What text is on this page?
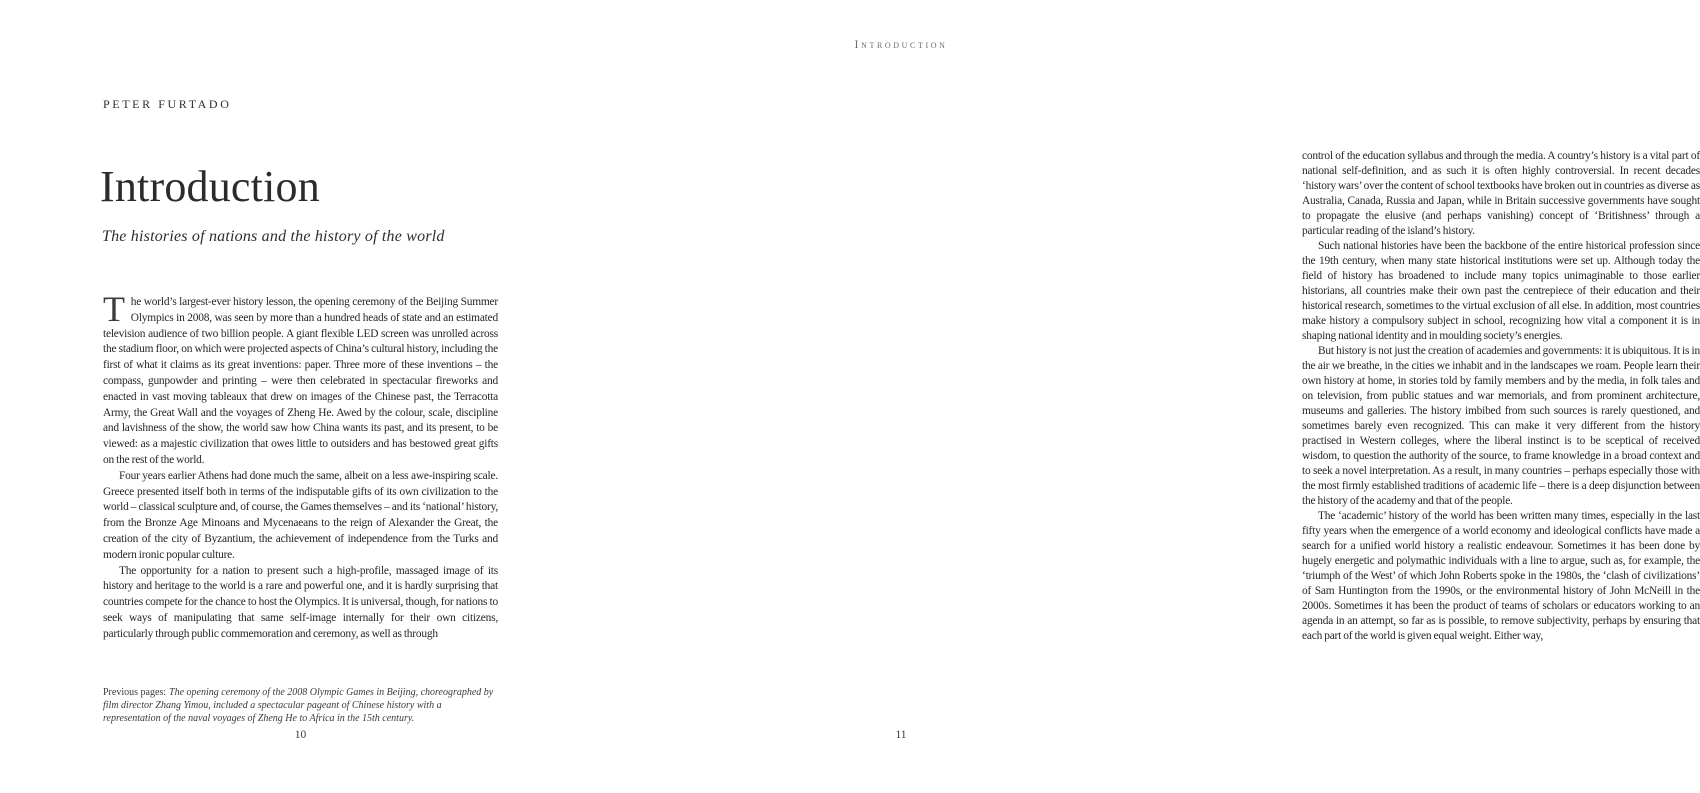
PETER FURTADO
Introduction
The histories of nations and the history of the world

The world’s largest-ever history lesson, the opening ceremony of the Beijing Summer Olympics in 2008, was seen by more than a hundred heads of state and an estimated television audience of two billion people. A giant flexible LED screen was unrolled across the stadium floor, on which were projected aspects of China’s cultural history, including the first of what it claims as its great inventions: paper. Three more of these inventions – the compass, gunpowder and printing – were then celebrated in spectacular fireworks and enacted in vast moving tableaux that drew on images of the Chinese past, the Terracotta Army, the Great Wall and the voyages of Zheng He. Awed by the colour, scale, discipline and lavishness of the show, the world saw how China wants its past, and its present, to be viewed: as a majestic civilization that owes little to outsiders and has bestowed great gifts on the rest of the world.

Four years earlier Athens had done much the same, albeit on a less awe-inspiring scale. Greece presented itself both in terms of the indisputable gifts of its own civilization to the world – classical sculpture and, of course, the Games themselves – and its ‘national’ history, from the Bronze Age Minoans and Mycenaeans to the reign of Alexander the Great, the creation of the city of Byzantium, the achievement of independence from the Turks and modern ironic popular culture.

The opportunity for a nation to present such a high-profile, massaged image of its history and heritage to the world is a rare and powerful one, and it is hardly surprising that countries compete for the chance to host the Olympics. It is universal, though, for nations to seek ways of manipulating that same self-image internally for their own citizens, particularly through public commemoration and ceremony, as well as through

Previous pages: The opening ceremony of the 2008 Olympic Games in Beijing, choreographed by film director Zhang Yimou, included a spectacular pageant of Chinese history with a representation of the naval voyages of Zheng He to Africa in the 15th century.

10
Introduction

control of the education syllabus and through the media. A country’s history is a vital part of national self-definition, and as such it is often highly controversial. In recent decades ‘history wars’ over the content of school textbooks have broken out in countries as diverse as Australia, Canada, Russia and Japan, while in Britain successive governments have sought to propagate the elusive (and perhaps vanishing) concept of ‘Britishness’ through a particular reading of the island’s history.

Such national histories have been the backbone of the entire historical profession since the 19th century, when many state historical institutions were set up. Although today the field of history has broadened to include many topics unimaginable to those earlier historians, all countries make their own past the centrepiece of their education and their historical research, sometimes to the virtual exclusion of all else. In addition, most countries make history a compulsory subject in school, recognizing how vital a component it is in shaping national identity and in moulding society’s energies.

But history is not just the creation of academies and governments: it is ubiquitous. It is in the air we breathe, in the cities we inhabit and in the landscapes we roam. People learn their own history at home, in stories told by family members and by the media, in folk tales and on television, from public statues and war memorials, and from prominent architecture, museums and galleries. The history imbibed from such sources is rarely questioned, and sometimes barely even recognized. This can make it very different from the history practised in Western colleges, where the liberal instinct is to be sceptical of received wisdom, to question the authority of the source, to frame knowledge in a broad context and to seek a novel interpretation. As a result, in many countries – perhaps especially those with the most firmly established traditions of academic life – there is a deep disjunction between the history of the academy and that of the people.

The ‘academic’ history of the world has been written many times, especially in the last fifty years when the emergence of a world economy and ideological conflicts have made a search for a unified world history a realistic endeavour. Sometimes it has been done by hugely energetic and polymathic individuals with a line to argue, such as, for example, the ‘triumph of the West’ of which John Roberts spoke in the 1980s, the ‘clash of civilizations’ of Sam Huntington from the 1990s, or the environmental history of John McNeill in the 2000s. Sometimes it has been the product of teams of scholars or educators working to an agenda in an attempt, so far as is possible, to remove subjectivity, perhaps by ensuring that each part of the world is given equal weight. Either way,

11
